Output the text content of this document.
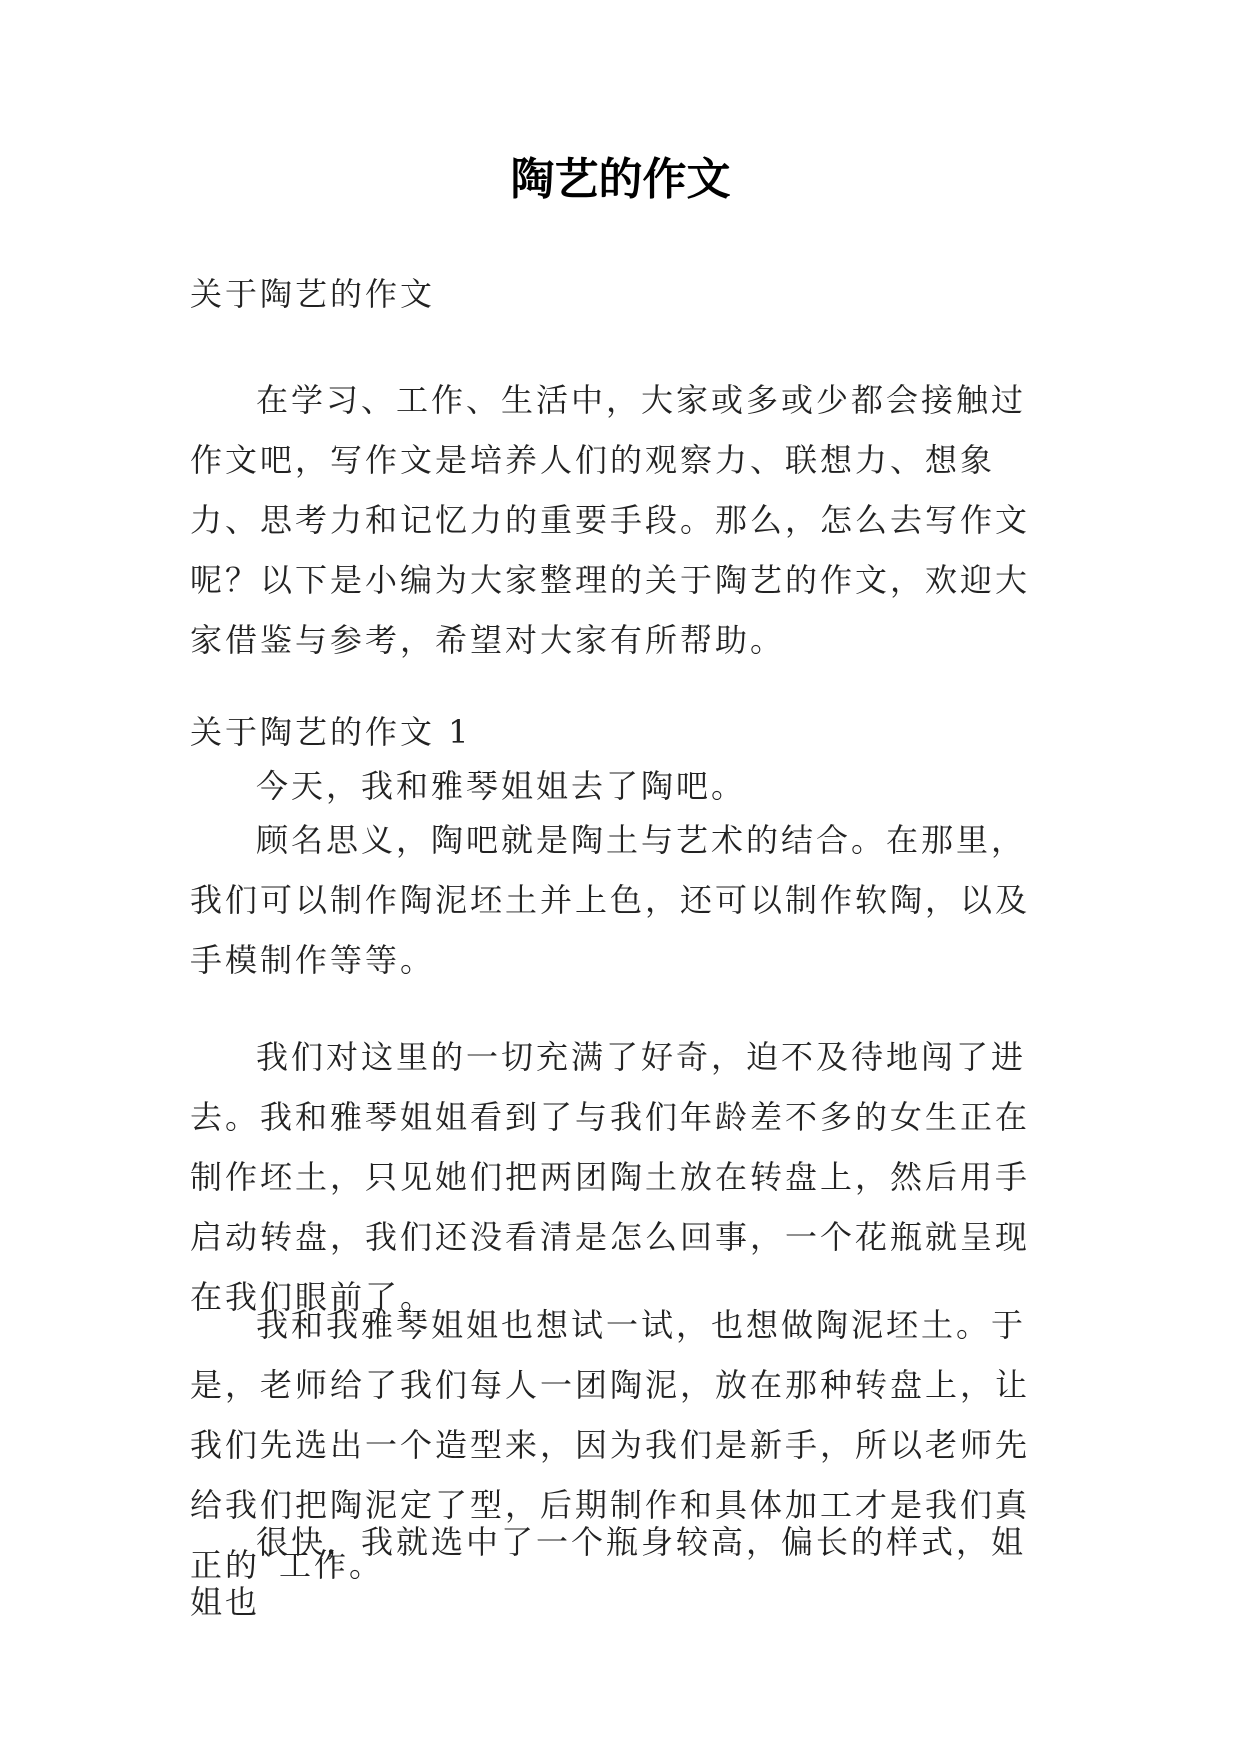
陶艺的作文

关于陶艺的作文

在学习、工作、生活中，大家或多或少都会接触过作文吧，写作文是培养人们的观察力、联想力、想象力、思考力和记忆力的重要手段。那么，怎么去写作文呢？以下是小编为大家整理的关于陶艺的作文，欢迎大家借鉴与参考，希望对大家有所帮助。

关于陶艺的作文 1

今天，我和雅琴姐姐去了陶吧。

顾名思义，陶吧就是陶土与艺术的结合。在那里，我们可以制作陶泥坯土并上色，还可以制作软陶，以及手模制作等等。

我们对这里的一切充满了好奇，迫不及待地闯了进去。我和雅琴姐姐看到了与我们年龄差不多的女生正在制作坯土，只见她们把两团陶土放在转盘上，然后用手启动转盘，我们还没看清是怎么回事，一个花瓶就呈现在我们眼前了。

我和我雅琴姐姐也想试一试，也想做陶泥坯土。于是，老师给了我们每人一团陶泥，放在那种转盘上，让我们先选出一个造型来，因为我们是新手，所以老师先给我们把陶泥定了型，后期制作和具体加工才是我们真正的`工作。

很快，我就选中了一个瓶身较高，偏长的样式，姐姐也
